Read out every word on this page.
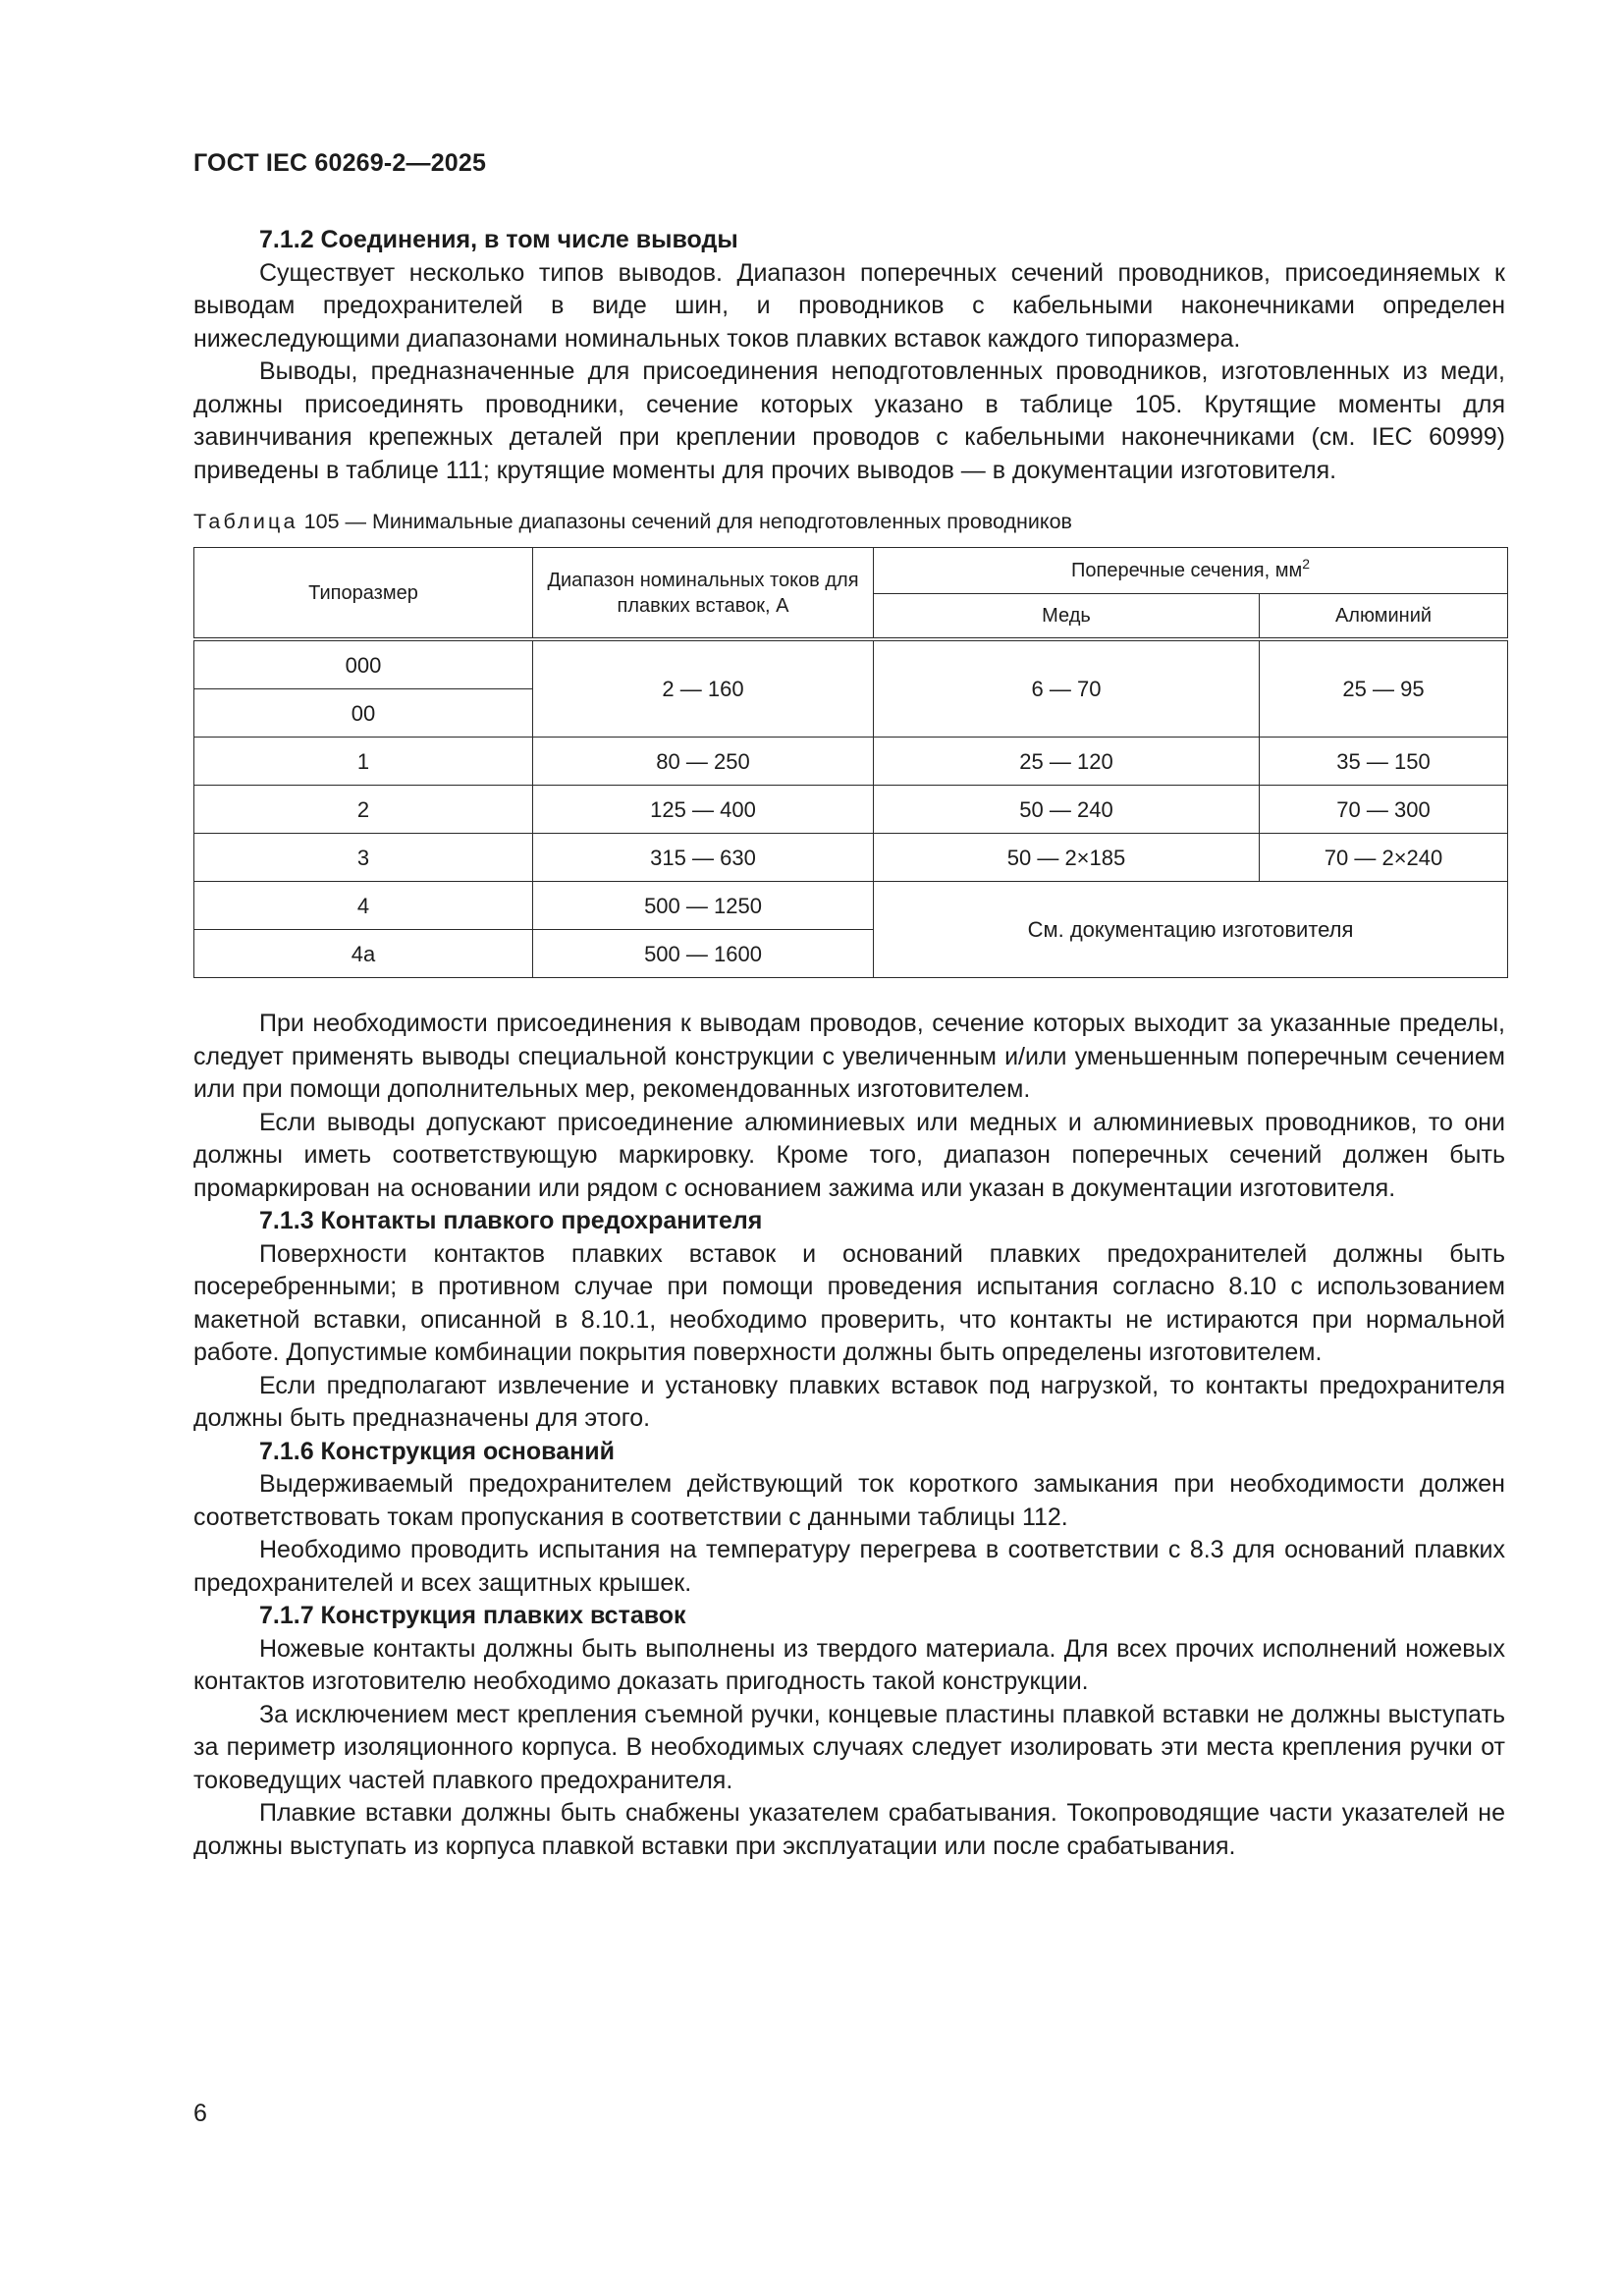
ГОСТ IEC 60269-2—2025
7.1.2 Соединения, в том числе выводы

Существует несколько типов выводов. Диапазон поперечных сечений проводников, присоединяемых к выводам предохранителей в виде шин, и проводников с кабельными наконечниками определен нижеследующими диапазонами номинальных токов плавких вставок каждого типоразмера.

Выводы, предназначенные для присоединения неподготовленных проводников, изготовленных из меди, должны присоединять проводники, сечение которых указано в таблице 105. Крутящие моменты для завинчивания крепежных деталей при креплении проводов с кабельными наконечниками (см. IEC 60999) приведены в таблице 111; крутящие моменты для прочих выводов — в документации изготовителя.

Таблица 105 — Минимальные диапазоны сечений для неподготовленных проводников
Типоразмер	Диапазон номинальных токов для плавких вставок, А	Поперечные сечения, $мм^2$
		Медь	Алюминий
000	2 — 160	6 — 70	25 — 95
00			
1	80 — 250	25 — 120	35 — 150
2	125 — 400	50 — 240	70 — 300
3	315 — 630	50 — 2×185	70 — 2×240
4	500 — 1250	См. документацию изготовителя	
4a	500 — 1600		

При необходимости присоединения к выводам проводов, сечение которых выходит за указанные пределы, следует применять выводы специальной конструкции с увеличенным и/или уменьшенным поперечным сечением или при помощи дополнительных мер, рекомендованных изготовителем.

Если выводы допускают присоединение алюминиевых или медных и алюминиевых проводников, то они должны иметь соответствующую маркировку. Кроме того, диапазон поперечных сечений должен быть промаркирован на основании или рядом с основанием зажима или указан в документации изготовителя.

7.1.3 Контакты плавкого предохранителя

Поверхности контактов плавких вставок и оснований плавких предохранителей должны быть посеребренными; в противном случае при помощи проведения испытания согласно 8.10 с использованием макетной вставки, описанной в 8.10.1, необходимо проверить, что контакты не истираются при нормальной работе. Допустимые комбинации покрытия поверхности должны быть определены изготовителем.

Если предполагают извлечение и установку плавких вставок под нагрузкой, то контакты предохранителя должны быть предназначены для этого.

7.1.6 Конструкция оснований

Выдерживаемый предохранителем действующий ток короткого замыкания при необходимости должен соответствовать токам пропускания в соответствии с данными таблицы 112.

Необходимо проводить испытания на температуру перегрева в соответствии с 8.3 для оснований плавких предохранителей и всех защитных крышек.

7.1.7 Конструкция плавких вставок

Ножевые контакты должны быть выполнены из твердого материала. Для всех прочих исполнений ножевых контактов изготовителю необходимо доказать пригодность такой конструкции.

За исключением мест крепления съемной ручки, концевые пластины плавкой вставки не должны выступать за периметр изоляционного корпуса. В необходимых случаях следует изолировать эти места крепления ручки от токоведущих частей плавкого предохранителя.

Плавкие вставки должны быть снабжены указателем срабатывания. Токопроводящие части указателей не должны выступать из корпуса плавкой вставки при эксплуатации или после срабатывания.

6
